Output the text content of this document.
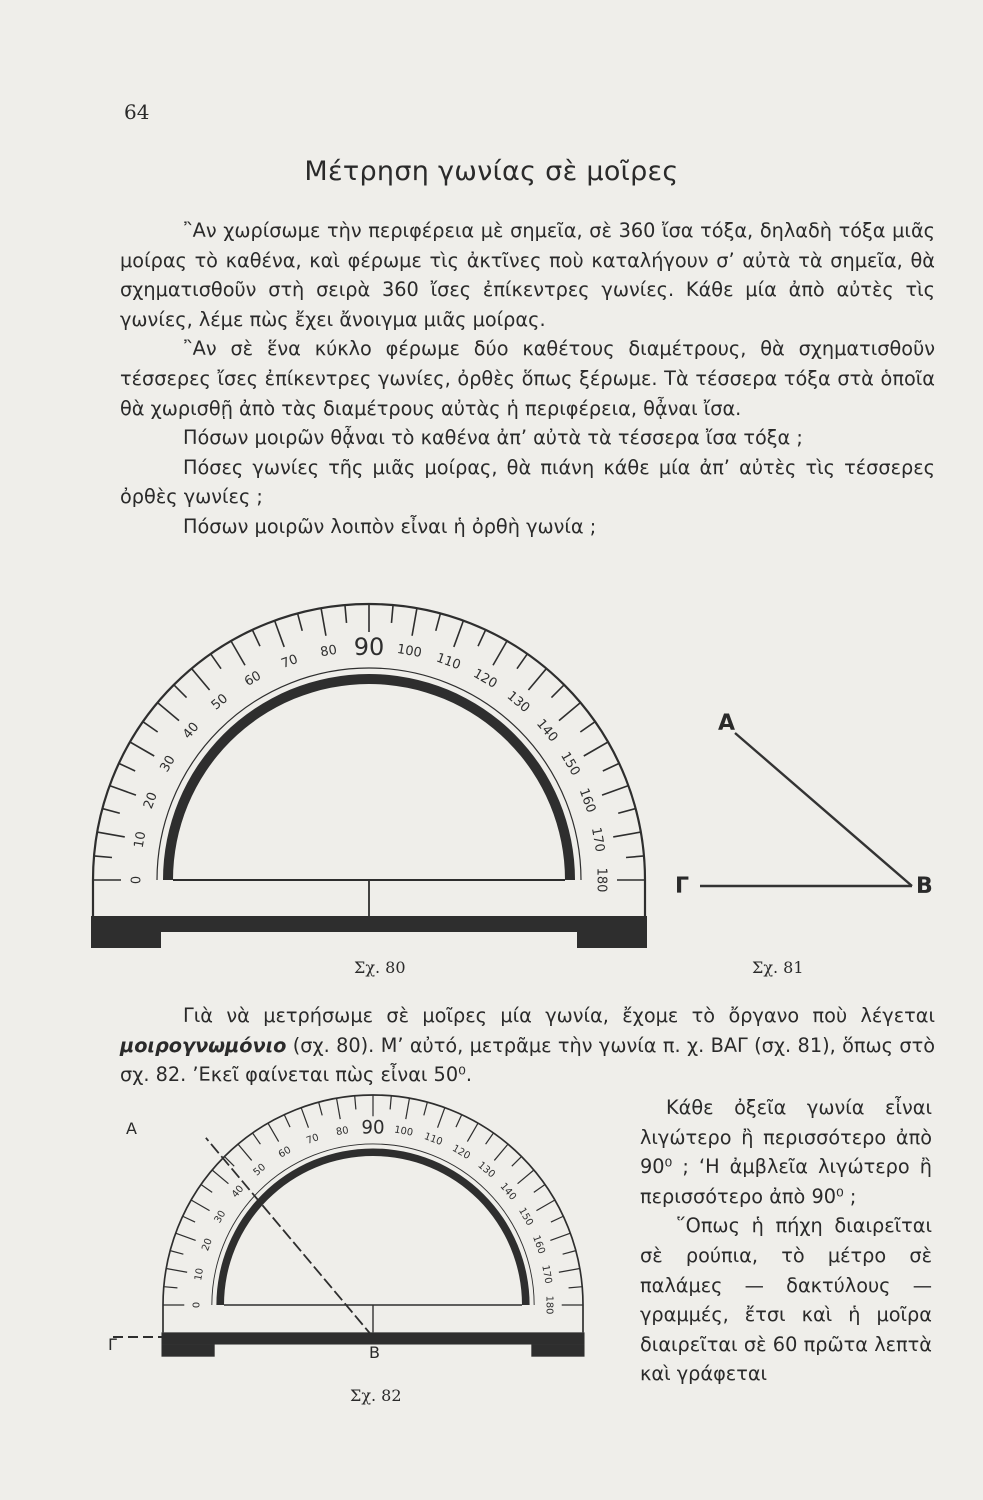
64
Μέτρηση γωνίας σὲ μοῖρες

῍Αν χωρίσωμε τὴν περιφέρεια μὲ σημεῖα, σὲ 360 ἴσα τόξα, δηλαδὴ τόξα μιᾶς μοίρας τὸ καθένα, καὶ φέρωμε τὶς ἀκτῖνες ποὺ καταλήγουν σ’ αὐτὰ τὰ σημεῖα, θὰ σχηματισθοῦν στὴ σειρὰ 360 ἴσες ἐπίκεντρες γωνίες. Κάθε μία ἀπὸ αὐτὲς τὶς γωνίες, λέμε πὼς ἔχει ἄνοιγμα μιᾶς μοίρας.

῍Αν σὲ ἕνα κύκλο φέρωμε δύο καθέτους διαμέτρους, θὰ σχηματισθοῦν τέσσερες ἴσες ἐπίκεντρες γωνίες, ὀρθὲς ὅπως ξέρωμε. Τὰ τέσσερα τόξα στὰ ὁποῖα θὰ χωρισθῇ ἀπὸ τὰς διαμέτρους αὐτὰς ἡ περιφέρεια, θᾆναι ἴσα.

Πόσων μοιρῶν θᾆναι τὸ καθένα ἀπ’ αὐτὰ τὰ τέσσερα ἴσα τόξα ;

Πόσες γωνίες τῆς μιᾶς μοίρας, θὰ πιάνη κάθε μία ἀπ’ αὐτὲς τὶς τέσσερες ὀρθὲς γωνίες ;

Πόσων μοιρῶν λοιπὸν εἶναι ἡ ὀρθὴ γωνία ;

0
10
20
30
40
50
60
70
80 90 100 110
120
130
140
150
160
170
180
Α
Γ	Β
0
10
20
30
40
50
60
70
80 90 100 110
120
130
140
150
160
170
180
Α
Β
Γ
Σχ. 80	Σχ. 81

Γιὰ νὰ μετρήσωμε σὲ μοῖρες μία γωνία, ἔχομε τὸ ὄργανο ποὺ λέγεται μοιρογνωμόνιο (σχ. 80). Μ’ αὐτό, μετρᾶμε τὴν γωνία π. χ. ΒΑΓ (σχ. 81), ὅπως στὸ σχ. 82. ’Εκεῖ φαίνεται πὼς εἶναι 50⁰.

Κάθε ὀξεῖα γωνία εἶναι λιγώτερο ἢ περισσότερο ἀπὸ 90⁰ ; ‘Η ἀμβλεῖα λιγώτερο ἢ περισσότερο ἀπὸ 90⁰ ;

῞Οπως ἡ πήχη διαιρεῖται σὲ ρούπια, τὸ μέτρο σὲ παλάμες — δακτύλους —γραμμές, ἔτσι καὶ ἡ μοῖρα διαιρεῖται σὲ 60 πρῶτα λεπτὰ καὶ γράφεται

Σχ. 82
